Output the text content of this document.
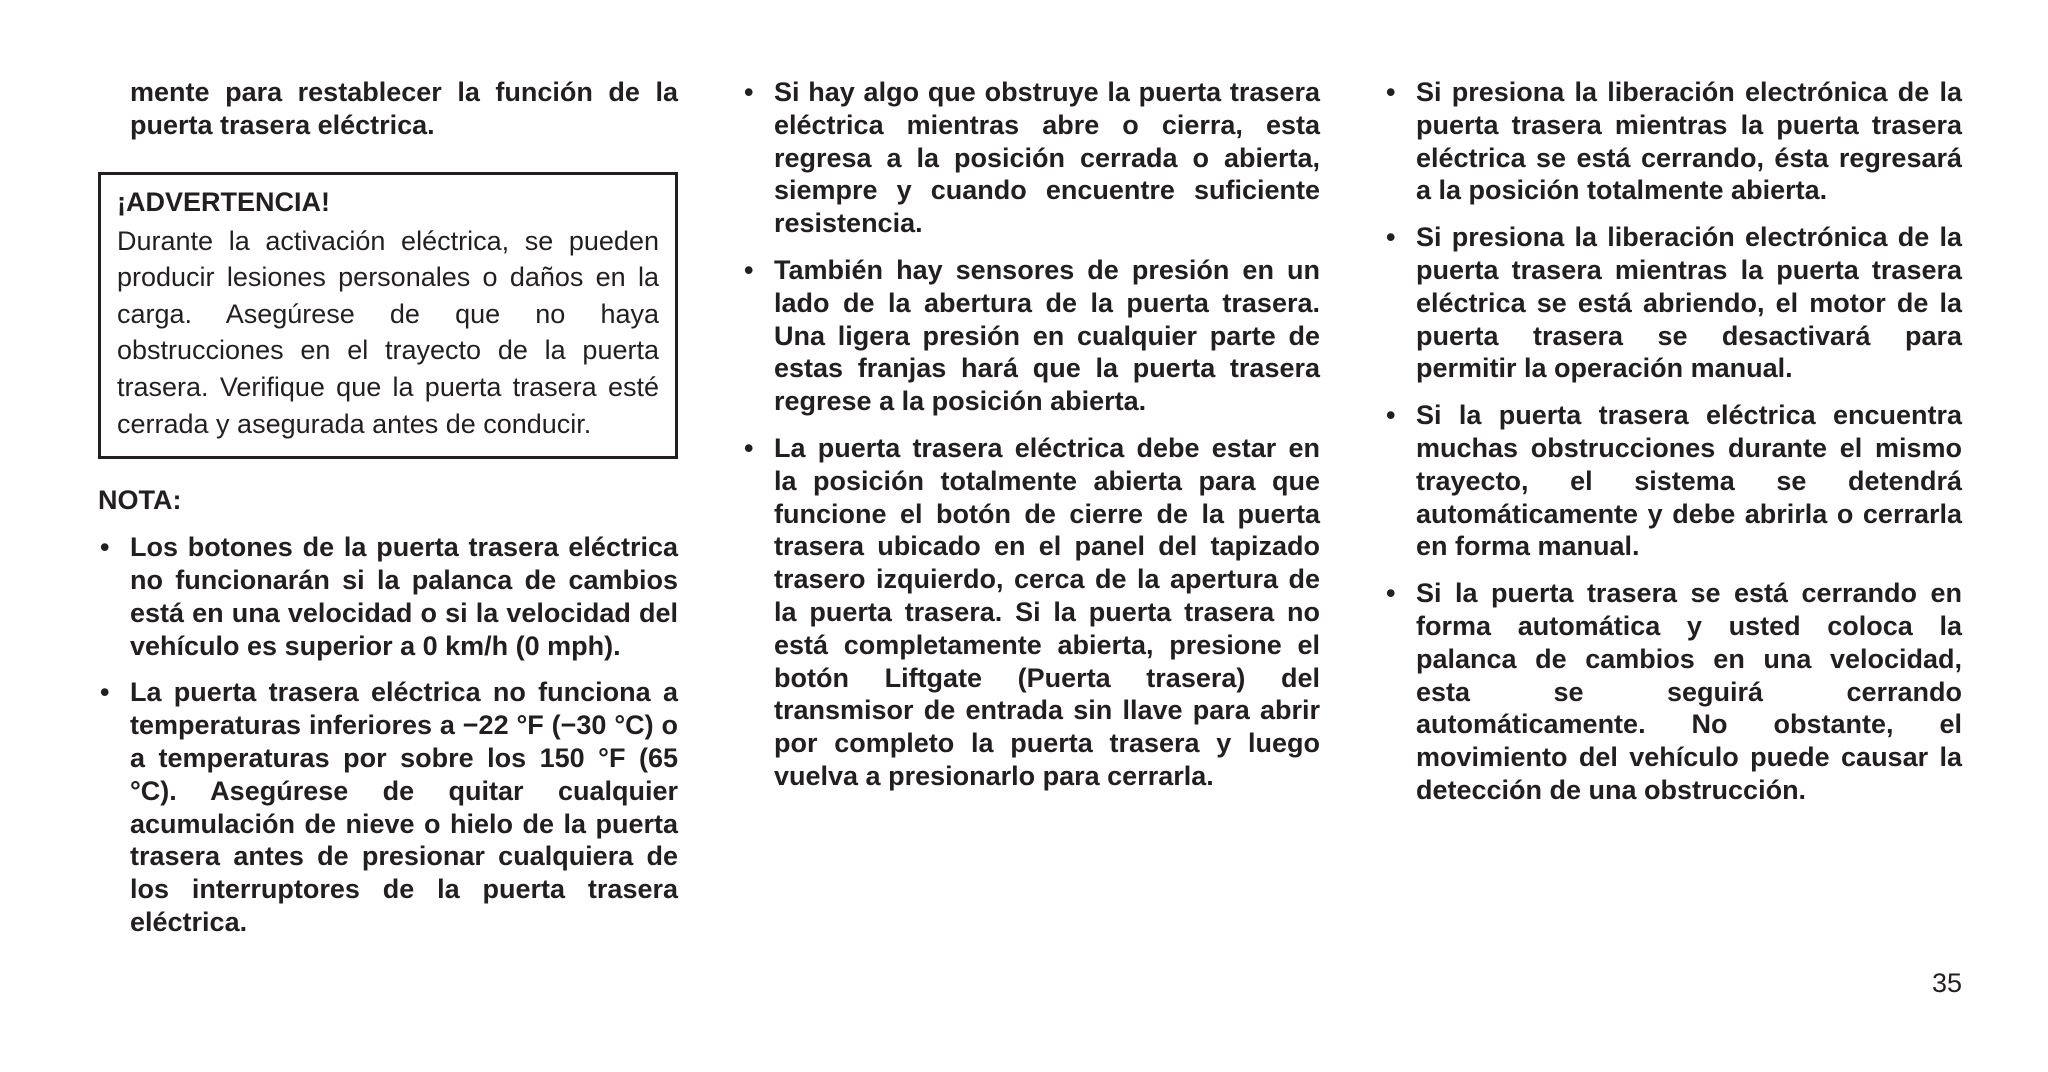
mente para restablecer la función de la puerta trasera eléctrica.

¡ADVERTENCIA!

Durante la activación eléctrica, se pueden producir lesiones personales o daños en la carga. Asegúrese de que no haya obstrucciones en el trayecto de la puerta trasera. Verifique que la puerta trasera esté cerrada y asegurada antes de conducir.

NOTA:

• Los botones de la puerta trasera eléctrica no funcionarán si la palanca de cambios está en una velocidad o si la velocidad del vehículo es superior a 0 km/h (0 mph).
• La puerta trasera eléctrica no funciona a temperaturas inferiores a −22 °F (−30 °C) o a temperaturas por sobre los 150 °F (65 °C). Asegúrese de quitar cualquier acumulación de nieve o hielo de la puerta trasera antes de presionar cualquiera de los interruptores de la puerta trasera eléctrica.
• Si hay algo que obstruye la puerta trasera eléctrica mientras abre o cierra, esta regresa a la posición cerrada o abierta, siempre y cuando encuentre suficiente resistencia.
• También hay sensores de presión en un lado de la abertura de la puerta trasera. Una ligera presión en cualquier parte de estas franjas hará que la puerta trasera regrese a la posición abierta.
• La puerta trasera eléctrica debe estar en la posición totalmente abierta para que funcione el botón de cierre de la puerta trasera ubicado en el panel del tapizado trasero izquierdo, cerca de la apertura de la puerta trasera. Si la puerta trasera no está completamente abierta, presione el botón Liftgate (Puerta trasera) del transmisor de entrada sin llave para abrir por completo la puerta trasera y luego vuelva a presionarlo para cerrarla.
• Si presiona la liberación electrónica de la puerta trasera mientras la puerta trasera eléctrica se está cerrando, ésta regresará a la posición totalmente abierta.
• Si presiona la liberación electrónica de la puerta trasera mientras la puerta trasera eléctrica se está abriendo, el motor de la puerta trasera se desactivará para permitir la operación manual.
• Si la puerta trasera eléctrica encuentra muchas obstrucciones durante el mismo trayecto, el sistema se detendrá automáticamente y debe abrirla o cerrarla en forma manual.
• Si la puerta trasera se está cerrando en forma automática y usted coloca la palanca de cambios en una velocidad, esta se seguirá cerrando automáticamente. No obstante, el movimiento del vehículo puede causar la detección de una obstrucción.
35
